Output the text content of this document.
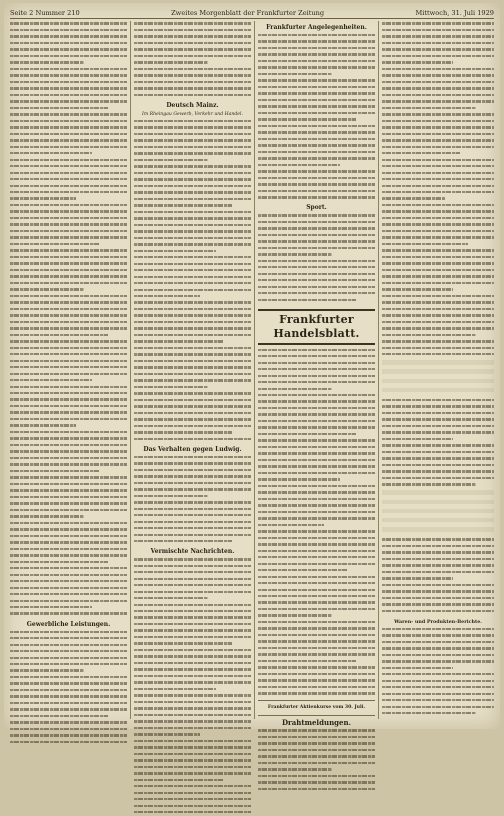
Seite 2 Nummer 210	Zweites Morgenblatt der Frankfurter Zeitung	Mittwoch, 31. Juli 1929
Gewerbliche Leistungen.
Deutsch Mainz.
Im Rheingau Gewerb, Verkehr und Handel.
Das Verhalten gegen Ludwig.
Vermischte Nachrichten.
Frankfurter Angelegenheiten.
Sport.
Frankfurter Handelsblatt.
Frankfurter Aktienkurse vom 30. Juli.
Drahtmeldungen.
Waren- und Produkten-Berichte.
